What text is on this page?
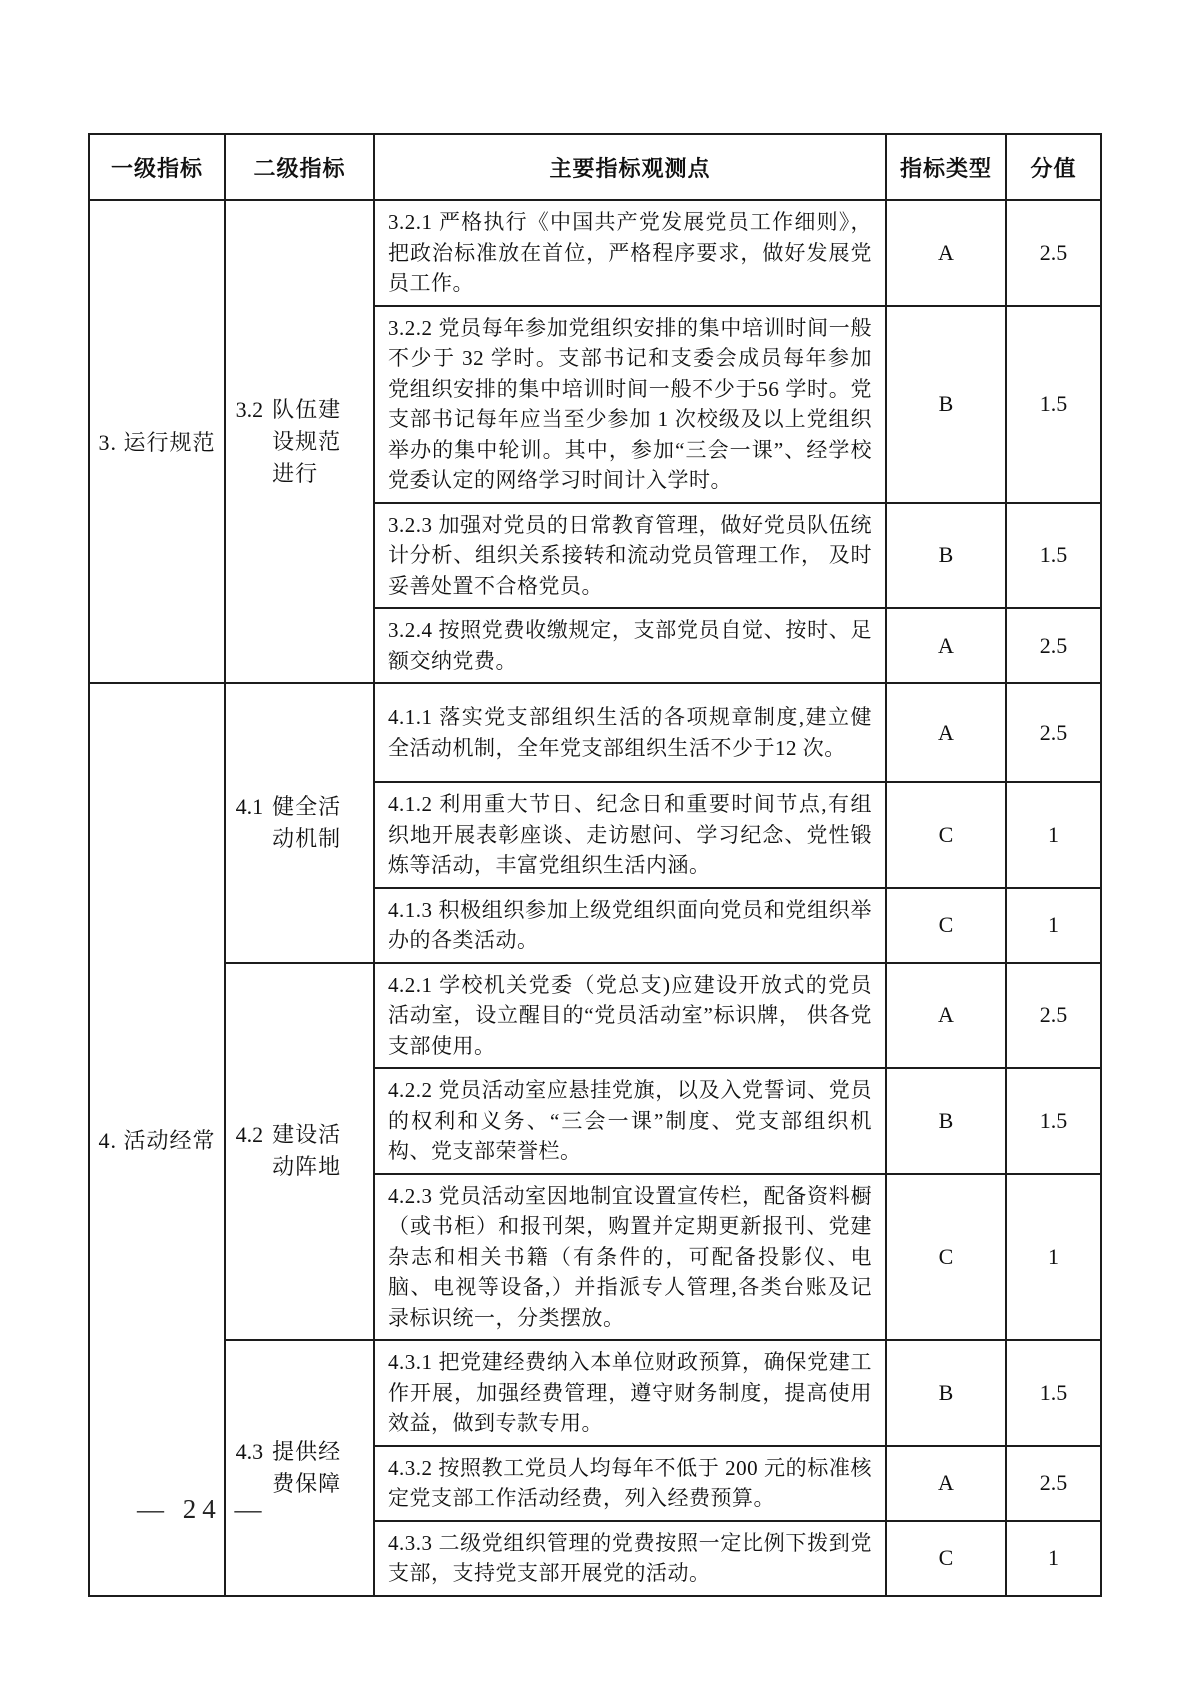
一级指标	二级指标	主要指标观测点	指标类型	分值
3. 运行规范	3.2 队伍建设规范进行	3.2.1 严格执行《中国共产党发展党员工作细则》， 把政治标准放在首位，严格程序要求，做好发展党员工作。	A	2.5
		3.2.2 党员每年参加党组织安排的集中培训时间一般不少于 32 学时。支部书记和支委会成员每年参加党组织安排的集中培训时间一般不少于56 学时。党支部书记每年应当至少参加 1 次校级及以上党组织举办的集中轮训。其中，参加“三会一课”、经学校党委认定的网络学习时间计入学时。	B	1.5
		3.2.3 加强对党员的日常教育管理，做好党员队伍统计分析、组织关系接转和流动党员管理工作， 及时妥善处置不合格党员。	B	1.5
		3.2.4 按照党费收缴规定，支部党员自觉、按时、足额交纳党费。	A	2.5
4. 活动经常	4.1 健全活动机制	4.1.1 落实党支部组织生活的各项规章制度,建立健全活动机制，全年党支部组织生活不少于12 次。	A	2.5
		4.1.2 利用重大节日、纪念日和重要时间节点,有组织地开展表彰座谈、走访慰问、学习纪念、党性锻炼等活动，丰富党组织生活内涵。	C	1
		4.1.3 积极组织参加上级党组织面向党员和党组织举办的各类活动。	C	1

	4.2 建设活动阵地	4.2.1 学校机关党委（党总支)应建设开放式的党员活动室，设立醒目的“党员活动室”标识牌， 供各党支部使用。	A	2.5
		4.2.2 党员活动室应悬挂党旗，以及入党誓词、党员的权利和义务、“三会一课”制度、党支部组织机构、党支部荣誉栏。	B	1.5
		4.2.3 党员活动室因地制宜设置宣传栏，配备资料橱（或书柜）和报刊架，购置并定期更新报刊、党建杂志和相关书籍（有条件的，可配备投影仪、电脑、电视等设备,）并指派专人管理,各类台账及记录标识统一，分类摆放。	C	1

	4.3 提供经费保障	4.3.1 把党建经费纳入本单位财政预算，确保党建工作开展，加强经费管理，遵守财务制度，提高使用效益，做到专款专用。	B	1.5
		4.3.2 按照教工党员人均每年不低于 200 元的标准核定党支部工作活动经费，列入经费预算。	A	2.5
		4.3.3 二级党组织管理的党费按照一定比例下拨到党支部，支持党支部开展党的活动。	C	1
— 24 —
